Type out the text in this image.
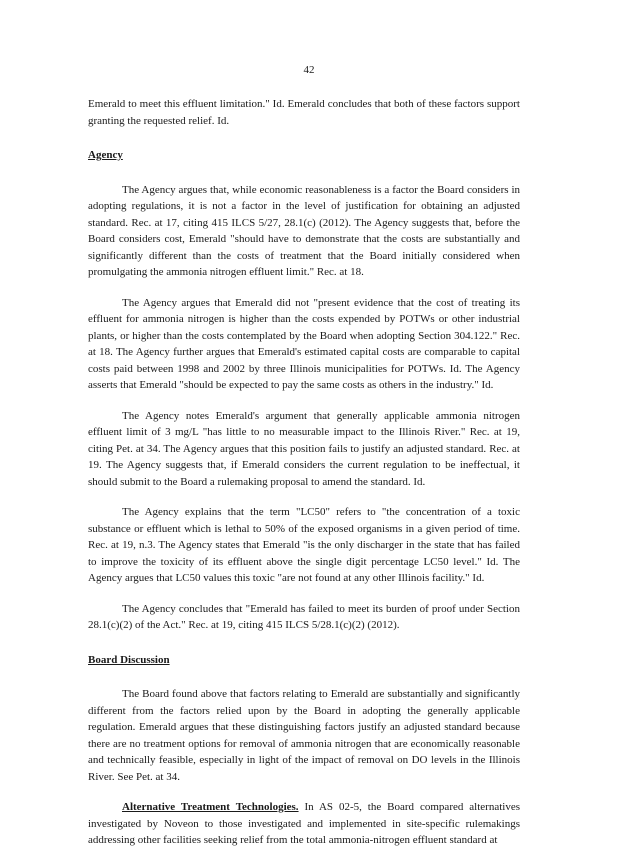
42

Emerald to meet this effluent limitation." Id. Emerald concludes that both of these factors support granting the requested relief. Id.

Agency

The Agency argues that, while economic reasonableness is a factor the Board considers in adopting regulations, it is not a factor in the level of justification for obtaining an adjusted standard. Rec. at 17, citing 415 ILCS 5/27, 28.1(c) (2012). The Agency suggests that, before the Board considers cost, Emerald "should have to demonstrate that the costs are substantially and significantly different than the costs of treatment that the Board initially considered when promulgating the ammonia nitrogen effluent limit." Rec. at 18.

The Agency argues that Emerald did not "present evidence that the cost of treating its effluent for ammonia nitrogen is higher than the costs expended by POTWs or other industrial plants, or higher than the costs contemplated by the Board when adopting Section 304.122." Rec. at 18. The Agency further argues that Emerald's estimated capital costs are comparable to capital costs paid between 1998 and 2002 by three Illinois municipalities for POTWs. Id. The Agency asserts that Emerald "should be expected to pay the same costs as others in the industry." Id.

The Agency notes Emerald's argument that generally applicable ammonia nitrogen effluent limit of 3 mg/L "has little to no measurable impact to the Illinois River." Rec. at 19, citing Pet. at 34. The Agency argues that this position fails to justify an adjusted standard. Rec. at 19. The Agency suggests that, if Emerald considers the current regulation to be ineffectual, it should submit to the Board a rulemaking proposal to amend the standard. Id.

The Agency explains that the term "LC50" refers to "the concentration of a toxic substance or effluent which is lethal to 50% of the exposed organisms in a given period of time. Rec. at 19, n.3. The Agency states that Emerald "is the only discharger in the state that has failed to improve the toxicity of its effluent above the single digit percentage LC50 level." Id. The Agency argues that LC50 values this toxic "are not found at any other Illinois facility." Id.

The Agency concludes that "Emerald has failed to meet its burden of proof under Section 28.1(c)(2) of the Act." Rec. at 19, citing 415 ILCS 5/28.1(c)(2) (2012).

Board Discussion

The Board found above that factors relating to Emerald are substantially and significantly different from the factors relied upon by the Board in adopting the generally applicable regulation. Emerald argues that these distinguishing factors justify an adjusted standard because there are no treatment options for removal of ammonia nitrogen that are economically reasonable and technically feasible, especially in light of the impact of removal on DO levels in the Illinois River. See Pet. at 34.

Alternative Treatment Technologies. In AS 02-5, the Board compared alternatives investigated by Noveon to those investigated and implemented in site-specific rulemakings addressing other facilities seeking relief from the total ammonia-nitrogen effluent standard at
